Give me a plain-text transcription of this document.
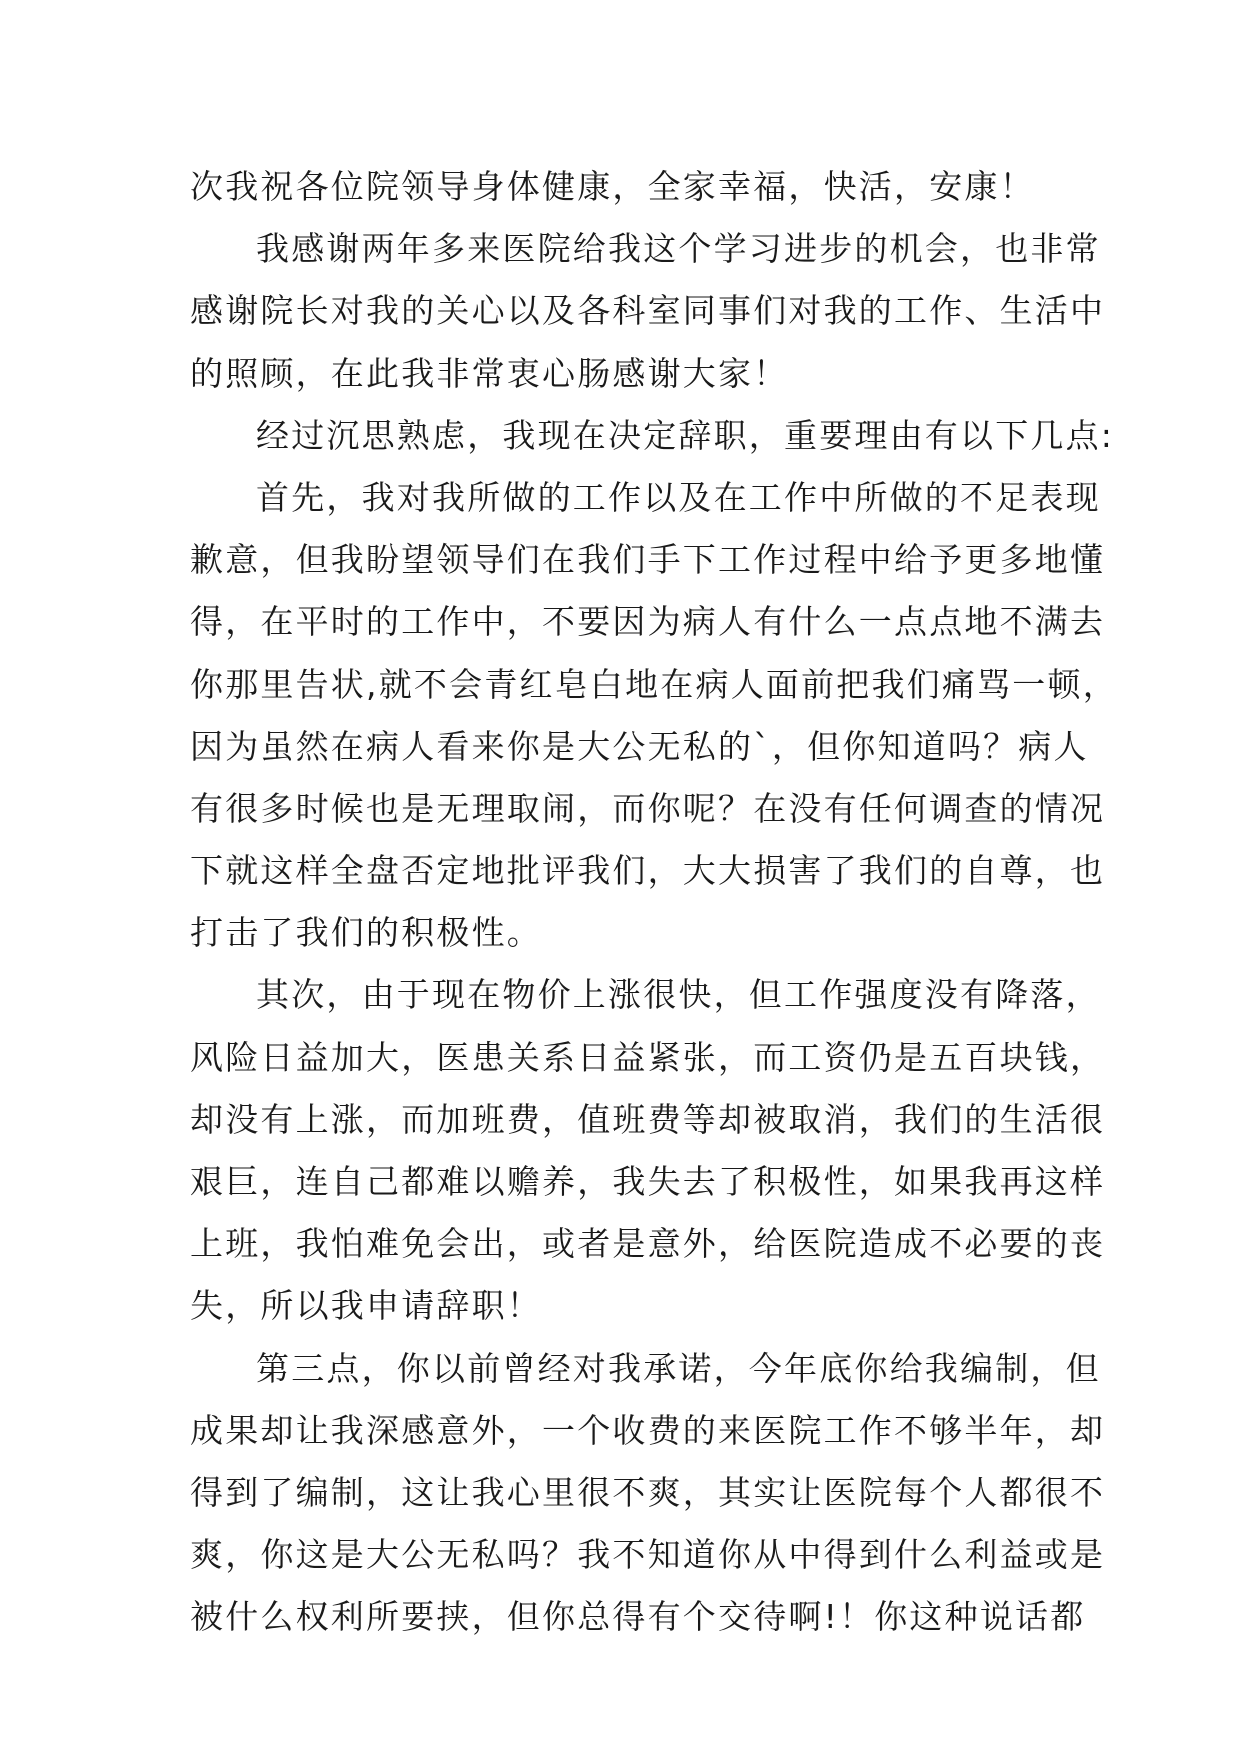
次我祝各位院领导身体健康，全家幸福，快活，安康！
我感谢两年多来医院给我这个学习进步的机会，也非常
感谢院长对我的关心以及各科室同事们对我的工作、生活中
的照顾，在此我非常衷心肠感谢大家！
经过沉思熟虑，我现在决定辞职，重要理由有以下几点:
首先，我对我所做的工作以及在工作中所做的不足表现
歉意，但我盼望领导们在我们手下工作过程中给予更多地懂
得，在平时的工作中，不要因为病人有什么一点点地不满去
你那里告状,就不会青红皂白地在病人面前把我们痛骂一顿，
因为虽然在病人看来你是大公无私的`，但你知道吗？病人
有很多时候也是无理取闹，而你呢？在没有任何调查的情况
下就这样全盘否定地批评我们，大大损害了我们的自尊，也
打击了我们的积极性。
其次，由于现在物价上涨很快，但工作强度没有降落，
风险日益加大，医患关系日益紧张，而工资仍是五百块钱，
却没有上涨，而加班费，值班费等却被取消，我们的生活很
艰巨，连自己都难以赡养，我失去了积极性，如果我再这样
上班，我怕难免会出，或者是意外，给医院造成不必要的丧
失，所以我申请辞职！
第三点，你以前曾经对我承诺，今年底你给我编制，但
成果却让我深感意外，一个收费的来医院工作不够半年，却
得到了编制，这让我心里很不爽，其实让医院每个人都很不
爽，你这是大公无私吗？我不知道你从中得到什么利益或是
被什么权利所要挟，但你总得有个交待啊!！你这种说话都
